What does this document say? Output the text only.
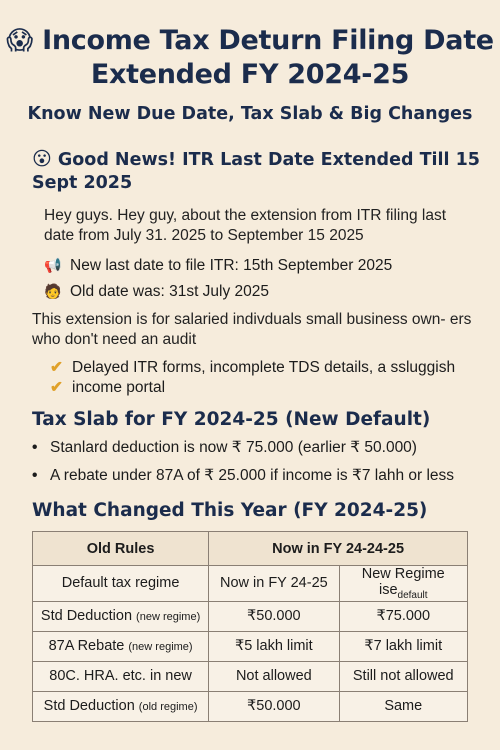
😱 Income Tax Deturn Filing Date Extended FY 2024-25
Know New Due Date, Tax Slab & Big Changes
😮 Good News! ITR Last Date Extended Till 15 Sept 2025
Hey guys. Hey guy, about the extension from ITR filing last date from July 31. 2025 to September 15 2025
📢 New last date to file ITR: 15th September 2025
🧑 Old date was: 31st July 2025
This extension is for salaried indivduals small business own- ers who don't need an audit
✔ Delayed ITR forms, incomplete TDS details, a ssluggish
✔ income portal
Tax Slab for FY 2024-25 (New Default)
• Stanlard deduction is now ₹ 75.000 (earlier ₹ 50.000)
• A rebate under 87A of ₹ 25.000 if income is ₹7 lahh or less
What Changed This Year (FY 2024-25)
Old Rules	Now in FY 24-24-25	
Default tax regime	Now in FY 24-25	New Regime ise$_{default}$
Std Deduction (new regime)	₹50.000	₹75.000
87A Rebate (new regime)	₹5 lakh limit	₹7 lakh limit
80C. HRA. etc. in new	Not allowed	Still not allowed
Std Deduction (old regime)	₹50.000	Same
